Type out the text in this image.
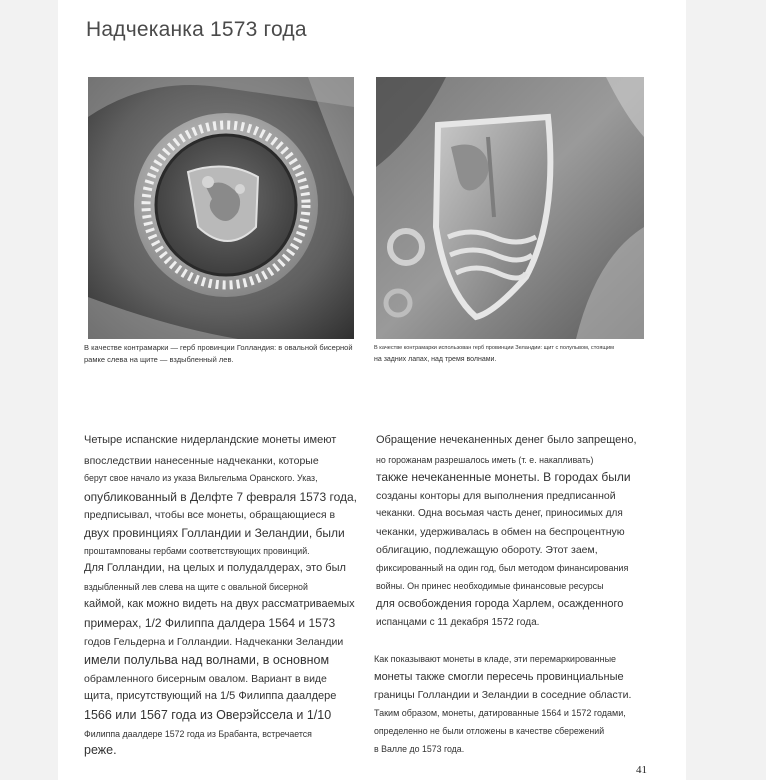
Надчеканка 1573 года
В качестве контрамарки — герб провинции Голландия: в овальной бисерной
рамке слева на щите — вздыбленный лев.
В качестве контрамарки использован герб провинции Зеландии: щит с полульвом, стоящим
на задних лапах, над тремя волнами.
Четыре испанские нидерландские монеты имеют
впоследствии нанесенные надчеканки, которые
берут свое начало из указа Вильгельма Оранского. Указ,
опубликованный в Делфте 7 февраля 1573 года,
предписывал, чтобы все монеты, обращающиеся в
двух провинциях Голландии и Зеландии, были
проштампованы гербами соответствующих провинций.
Для Голландии, на целых и полудалдерах, это был
вздыбленный лев слева на щите с овальной бисерной
каймой, как можно видеть на двух рассматриваемых
примерах, 1/2 Филиппа далдера 1564 и 1573
годов Гельдерна и Голландии. Надчеканки Зеландии
имели полульва над волнами, в основном
обрамленного бисерным овалом. Вариант в виде
щита, присутствующий на 1/5 Филиппа даалдере
1566 или 1567 года из Оверэйссела и 1/10
Филиппа даалдере 1572 года из Брабанта, встречается
реже.
Обращение нечеканенных денег было запрещено,
но горожанам разрешалось иметь (т. е. накапливать)
также нечеканенные монеты. В городах были
созданы конторы для выполнения предписанной
чеканки. Одна восьмая часть денег, приносимых для
чеканки, удерживалась в обмен на беспроцентную
облигацию, подлежащую обороту. Этот заем,
фиксированный на один год, был методом финансирования
войны. Он принес необходимые финансовые ресурсы
для освобождения города Харлем, осажденного
испанцами с 11 декабря 1572 года.
Как показывают монеты в кладе, эти перемаркированные
монеты также смогли пересечь провинциальные
границы Голландии и Зеландии в соседние области.
Таким образом, монеты, датированные 1564 и 1572 годами,
определенно не были отложены в качестве сбережений
в Валле до 1573 года.
41
